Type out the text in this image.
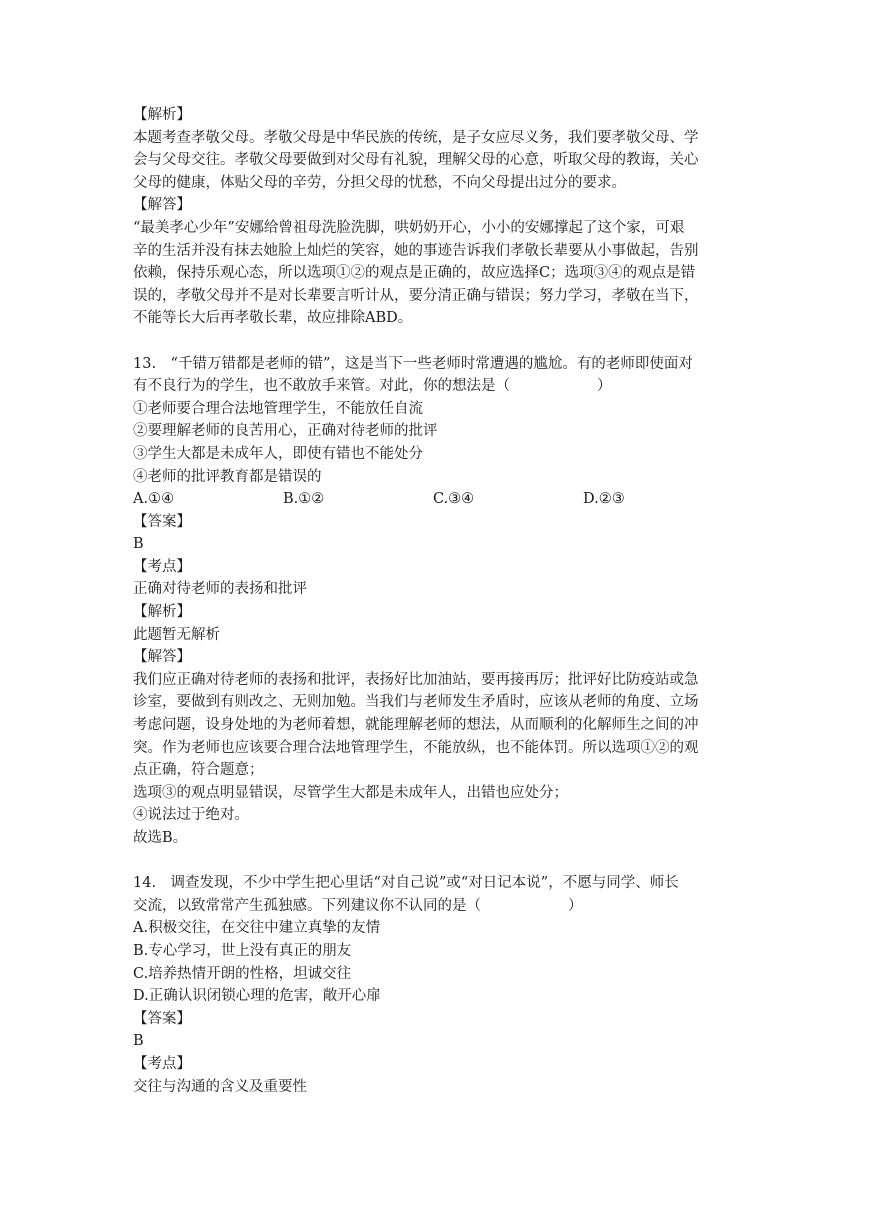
【解析】
本题考查孝敬父母。孝敬父母是中华民族的传统，是子女应尽义务，我们要孝敬父母、学
会与父母交往。孝敬父母要做到对父母有礼貌，理解父母的心意，听取父母的教诲，关心
父母的健康，体贴父母的辛劳，分担父母的忧愁，不向父母提出过分的要求。
【解答】
“最美孝心少年”安娜给曾祖母洗脸洗脚，哄奶奶开心，小小的安娜撑起了这个家，可艰
辛的生活并没有抹去她脸上灿烂的笑容，她的事迹告诉我们孝敬长辈要从小事做起，告别
依赖，保持乐观心态，所以选项①②的观点是正确的，故应选择C；选项③④的观点是错
误的，孝敬父母并不是对长辈要言听计从，要分清正确与错误；努力学习，孝敬在当下，
不能等长大后再孝敬长辈，故应排除ABD。
13.　“千错万错都是老师的错”，这是当下一些老师时常遭遇的尴尬。有的老师即使面对
有不良行为的学生，也不敢放手来管。对此，你的想法是（　　　　　　）
①老师要合理合法地管理学生，不能放任自流
②要理解老师的良苦用心，正确对待老师的批评
③学生大都是未成年人，即使有错也不能处分
④老师的批评教育都是错误的
A.①④	B.①②	C.③④	D.②③
【答案】
B
【考点】
正确对待老师的表扬和批评
【解析】
此题暂无解析
【解答】
我们应正确对待老师的表扬和批评，表扬好比加油站，要再接再厉；批评好比防疫站或急
诊室，要做到有则改之、无则加勉。当我们与老师发生矛盾时，应该从老师的角度、立场
考虑问题，设身处地的为老师着想，就能理解老师的想法，从而顺利的化解师生之间的冲
突。作为老师也应该要合理合法地管理学生，不能放纵，也不能体罚。所以选项①②的观
点正确，符合题意；
选项③的观点明显错误，尽管学生大都是未成年人，出错也应处分；
④说法过于绝对。
故选B。
14.　调查发现，不少中学生把心里话“对自己说”或“对日记本说”，不愿与同学、师长
交流，以致常常产生孤独感。下列建议你不认同的是（　　　　　　）
A.积极交往，在交往中建立真挚的友情
B.专心学习，世上没有真正的朋友
C.培养热情开朗的性格，坦诚交往
D.正确认识闭锁心理的危害，敞开心扉
【答案】
B
【考点】
交往与沟通的含义及重要性
